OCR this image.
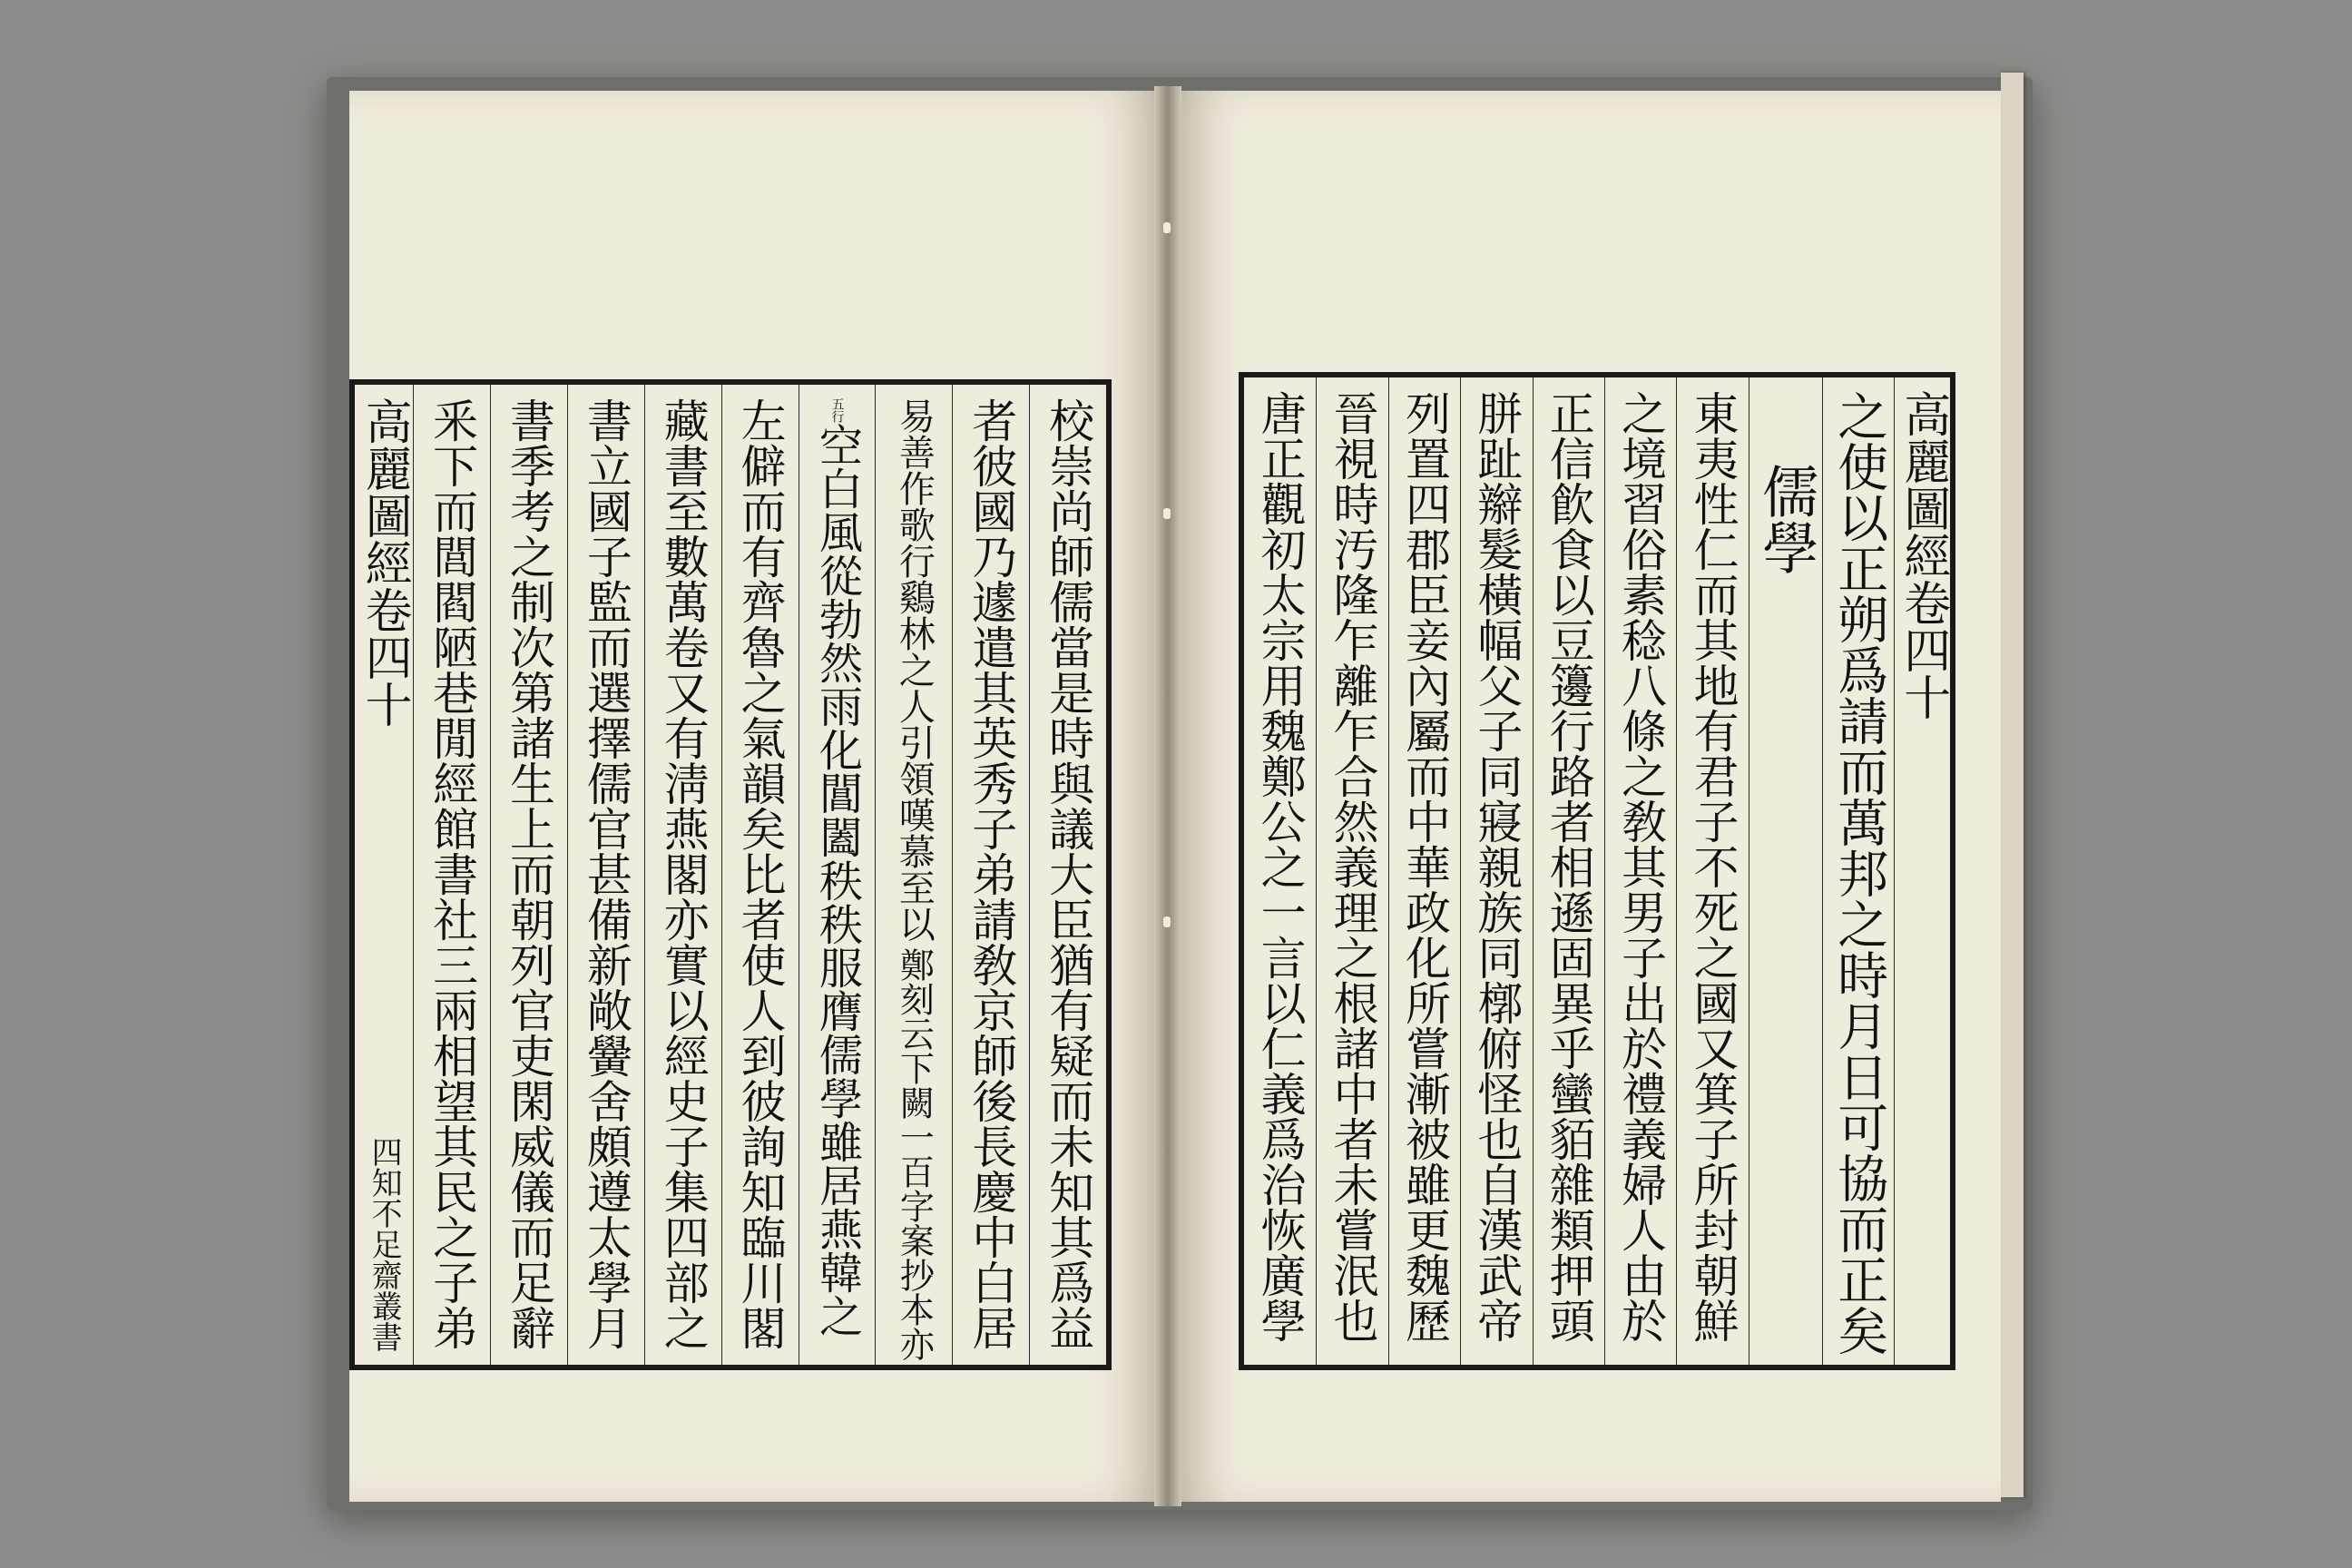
校崇尚師儒當是時與議大臣猶有疑而未知其爲益
者彼國乃遽遣其英秀子弟請敎京師後長慶中白居
易善作歌行鷄林之人引領嘆慕至以
鄭刻云下闕一百字案抄本亦
五行
空白風從勃然雨化閶闔秩秩服膺儒學雖居燕韓之
左僻而有齊魯之氣韻矣比者使人到彼詢知臨川閣
藏書至數萬卷又有淸燕閣亦實以經史子集四部之
書立國子監而選擇儒官甚備新敞黌舍頗遵太學月
書季考之制次第諸生上而朝列官吏閑威儀而足辭
釆下而閭閻陋巷閒經館書社三兩相望其民之子弟
高麗圖經卷四十
四知不足齋叢書
高麗圖經卷四十
之使以正朔爲請而萬邦之時月日可協而正矣
儒學
東夷性仁而其地有君子不死之國又箕子所封朝鮮
之境習俗素稔八條之敎其男子出於禮義婦人由於
正信飮食以豆籩行路者相遜固異乎蠻貊雜類押頭
胼趾辮髮橫幅父子同寢親族同槨俯怪也自漢武帝
列置四郡臣妾內屬而中華政化所嘗漸被雖更魏歷
晉視時汚隆乍離乍合然義理之根諸中者未嘗泯也
唐正觀初太宗用魏鄭公之一言以仁義爲治恢廣學
